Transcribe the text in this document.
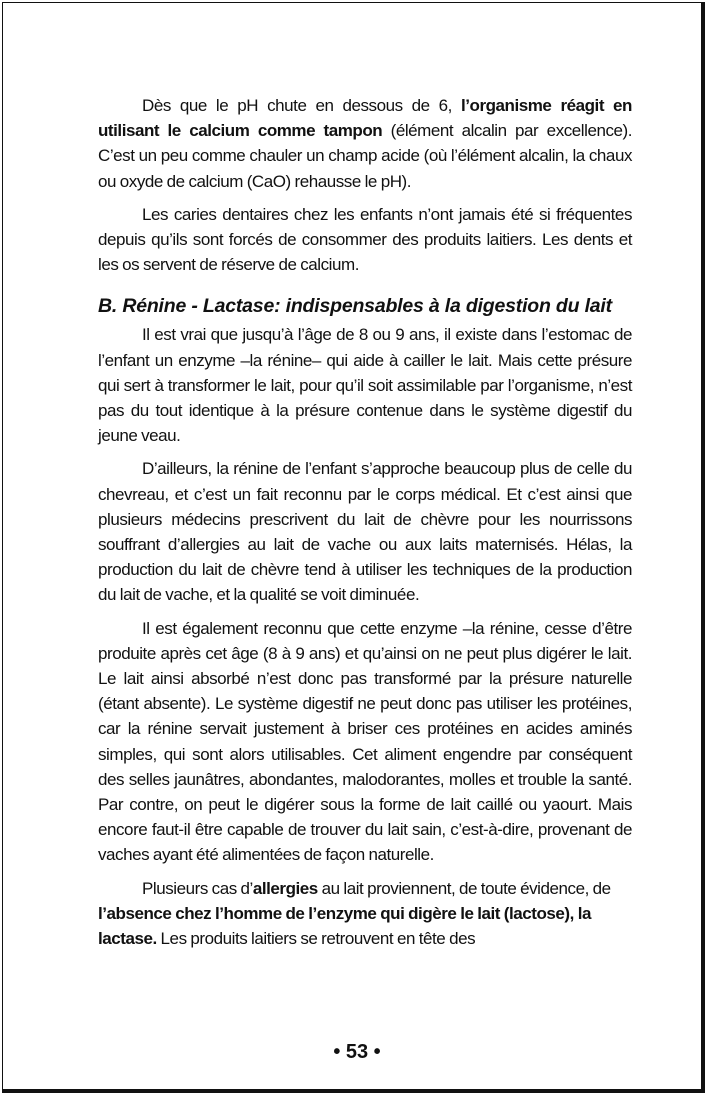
Dès que le pH chute en dessous de 6, l’organisme réagit en utilisant le calcium comme tampon (élément alcalin par excellence). C’est un peu comme chauler un champ acide (où l’élément alcalin, la chaux ou oxyde de calcium (CaO) rehausse le pH).

Les caries dentaires chez les enfants n’ont jamais été si fréquentes depuis qu’ils sont forcés de consommer des produits laitiers. Les dents et les os servent de réserve de calcium.

B. Rénine - Lactase: indispensables à la digestion du lait

Il est vrai que jusqu’à l’âge de 8 ou 9 ans, il existe dans l’estomac de l’enfant un enzyme –la rénine– qui aide à cailler le lait. Mais cette présure qui sert à transformer le lait, pour qu’il soit assimilable par l’organisme, n’est pas du tout identique à la présure contenue dans le système digestif du jeune veau.

D’ailleurs, la rénine de l’enfant s’approche beaucoup plus de celle du chevreau, et c’est un fait reconnu par le corps médical. Et c’est ainsi que plusieurs médecins prescrivent du lait de chèvre pour les nourrissons souffrant d’allergies au lait de vache ou aux laits maternisés. Hélas, la production du lait de chèvre tend à utiliser les techniques de la production du lait de vache, et la qualité se voit diminuée.

Il est également reconnu que cette enzyme –la rénine, cesse d’être produite après cet âge (8 à 9 ans) et qu’ainsi on ne peut plus digérer le lait. Le lait ainsi absorbé n’est donc pas transformé par la présure naturelle (étant absente). Le système digestif ne peut donc pas utiliser les protéines, car la rénine servait justement à briser ces protéines en acides aminés simples, qui sont alors utilisables. Cet aliment engendre par conséquent des selles jaunâtres, abondantes, malodorantes, molles et trouble la santé. Par contre, on peut le digérer sous la forme de lait caillé ou yaourt. Mais encore faut-il être capable de trouver du lait sain, c’est-à-dire, provenant de vaches ayant été alimentées de façon naturelle.

Plusieurs cas d’allergies au lait proviennent, de toute évidence, de l’absence chez l’homme de l’enzyme qui digère le lait (lactose), la lactase. Les produits laitiers se retrouvent en tête des

• 53 •
